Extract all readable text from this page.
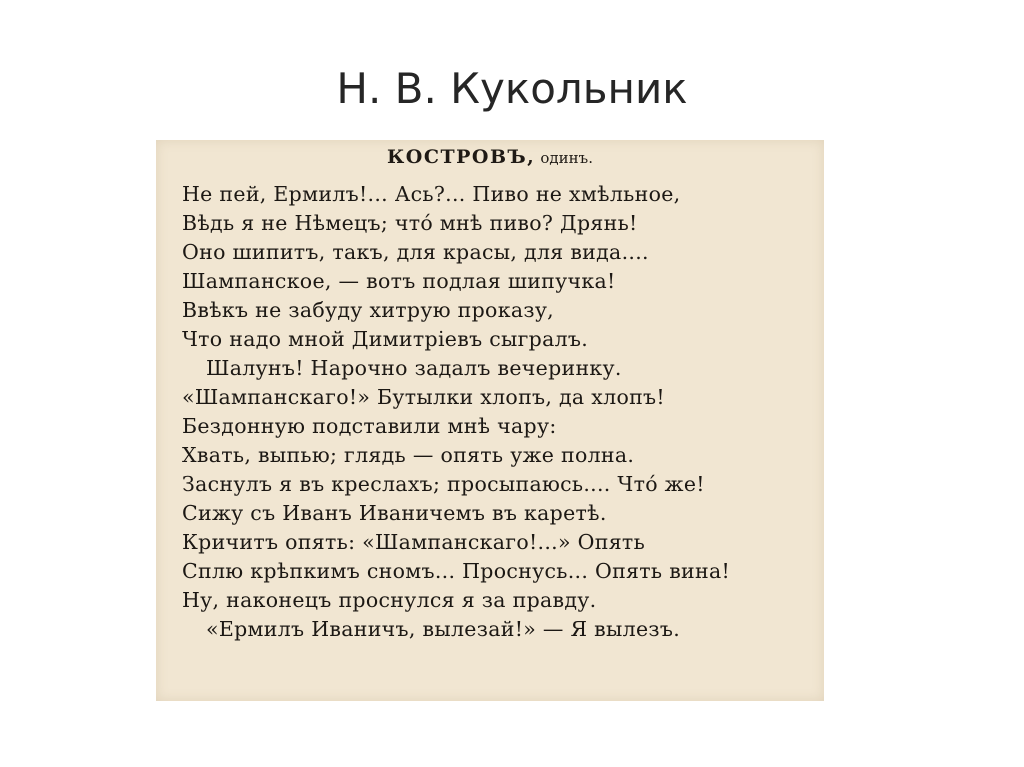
Н. В. Кукольник
КОСТРОВЪ, одинъ.
Не пей, Ермилъ!... Ась?... Пиво не хмѣльное,
Вѣдь я не Нѣмецъ; что́ мнѣ пиво? Дрянь!
Оно шипитъ, такъ, для красы, для вида....
Шампанское, — вотъ подлая шипучка!
Ввѣкъ не забуду хитрую проказу,
Что надо мной Димитріевъ сыгралъ.
Шалунъ! Нарочно задалъ вечеринку.
«Шампанскаго!» Бутылки хлопъ, да хлопъ!
Бездонную подставили мнѣ чару:
Хвать, выпью; глядь — опять уже полна.
Заснулъ я въ креслахъ; просыпаюсь.... Что́ же!
Сижу съ Иванъ Иваничемъ въ каретѣ.
Кричитъ опять: «Шампанскаго!...» Опять
Сплю крѣпкимъ сномъ... Проснусь... Опять вина!
Ну, наконецъ проснулся я за правду.
«Ермилъ Иваничъ, вылезай!» — Я вылезъ.
